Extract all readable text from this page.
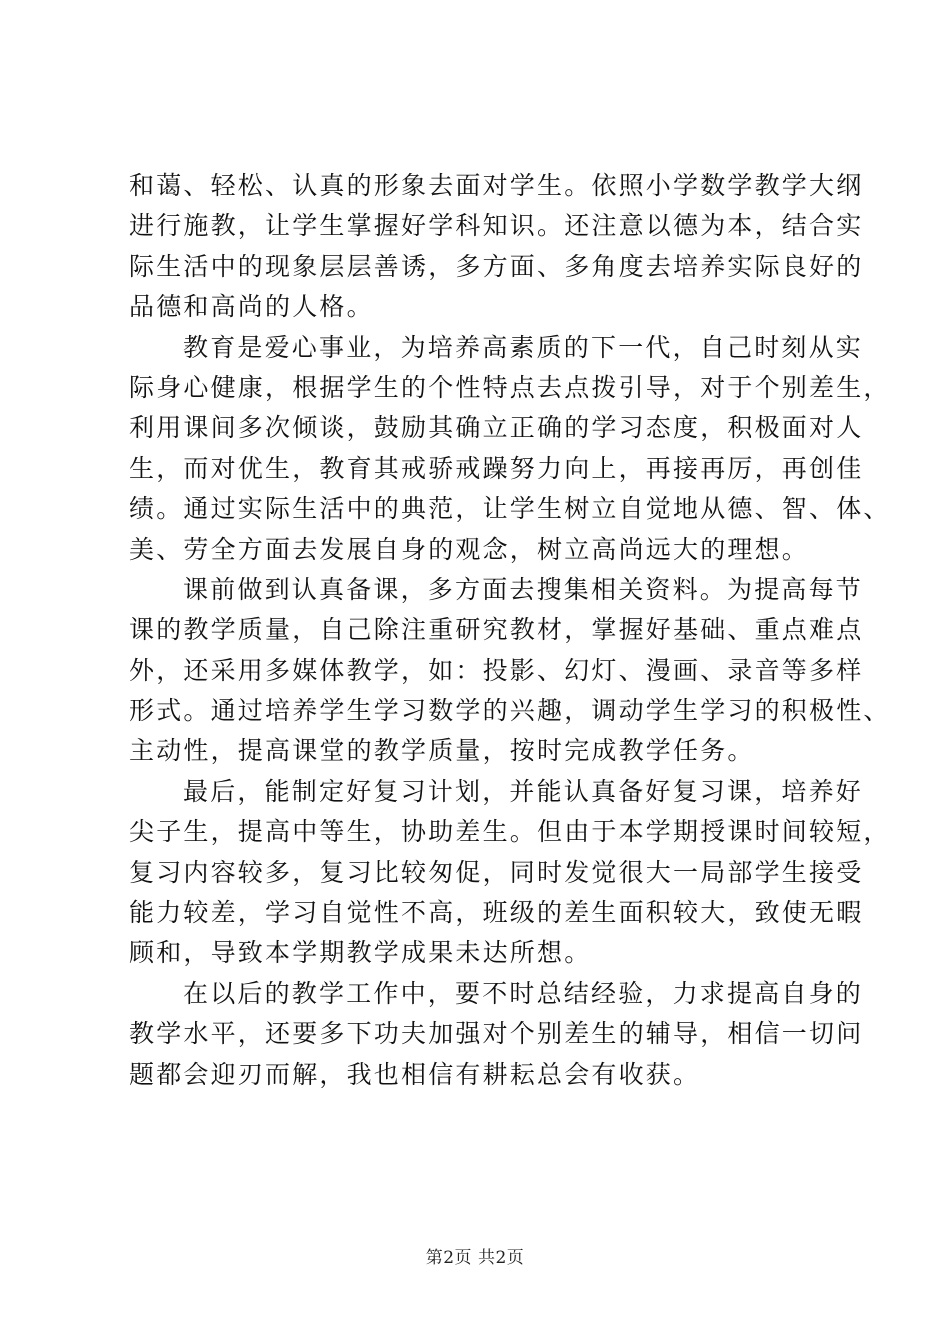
和蔼、轻松、认真的形象去面对学生。依照小学数学教学大纲
进行施教，让学生掌握好学科知识。还注意以德为本，结合实
际生活中的现象层层善诱，多方面、多角度去培养实际良好的
品德和高尚的人格。
教育是爱心事业，为培养高素质的下一代，自己时刻从实
际身心健康，根据学生的个性特点去点拨引导，对于个别差生，
利用课间多次倾谈，鼓励其确立正确的学习态度，积极面对人
生，而对优生，教育其戒骄戒躁努力向上，再接再厉，再创佳
绩。通过实际生活中的典范，让学生树立自觉地从德、智、体、
美、劳全方面去发展自身的观念，树立高尚远大的理想。
课前做到认真备课，多方面去搜集相关资料。为提高每节
课的教学质量，自己除注重研究教材，掌握好基础、重点难点
外，还采用多媒体教学，如：投影、幻灯、漫画、录音等多样
形式。通过培养学生学习数学的兴趣，调动学生学习的积极性、
主动性，提高课堂的教学质量，按时完成教学任务。
最后，能制定好复习计划，并能认真备好复习课，培养好
尖子生，提高中等生，协助差生。但由于本学期授课时间较短，
复习内容较多，复习比较匆促，同时发觉很大一局部学生接受
能力较差，学习自觉性不高，班级的差生面积较大，致使无暇
顾和，导致本学期教学成果未达所想。
在以后的教学工作中，要不时总结经验，力求提高自身的
教学水平，还要多下功夫加强对个别差生的辅导，相信一切问
题都会迎刃而解，我也相信有耕耘总会有收获。
第2页 共2页
